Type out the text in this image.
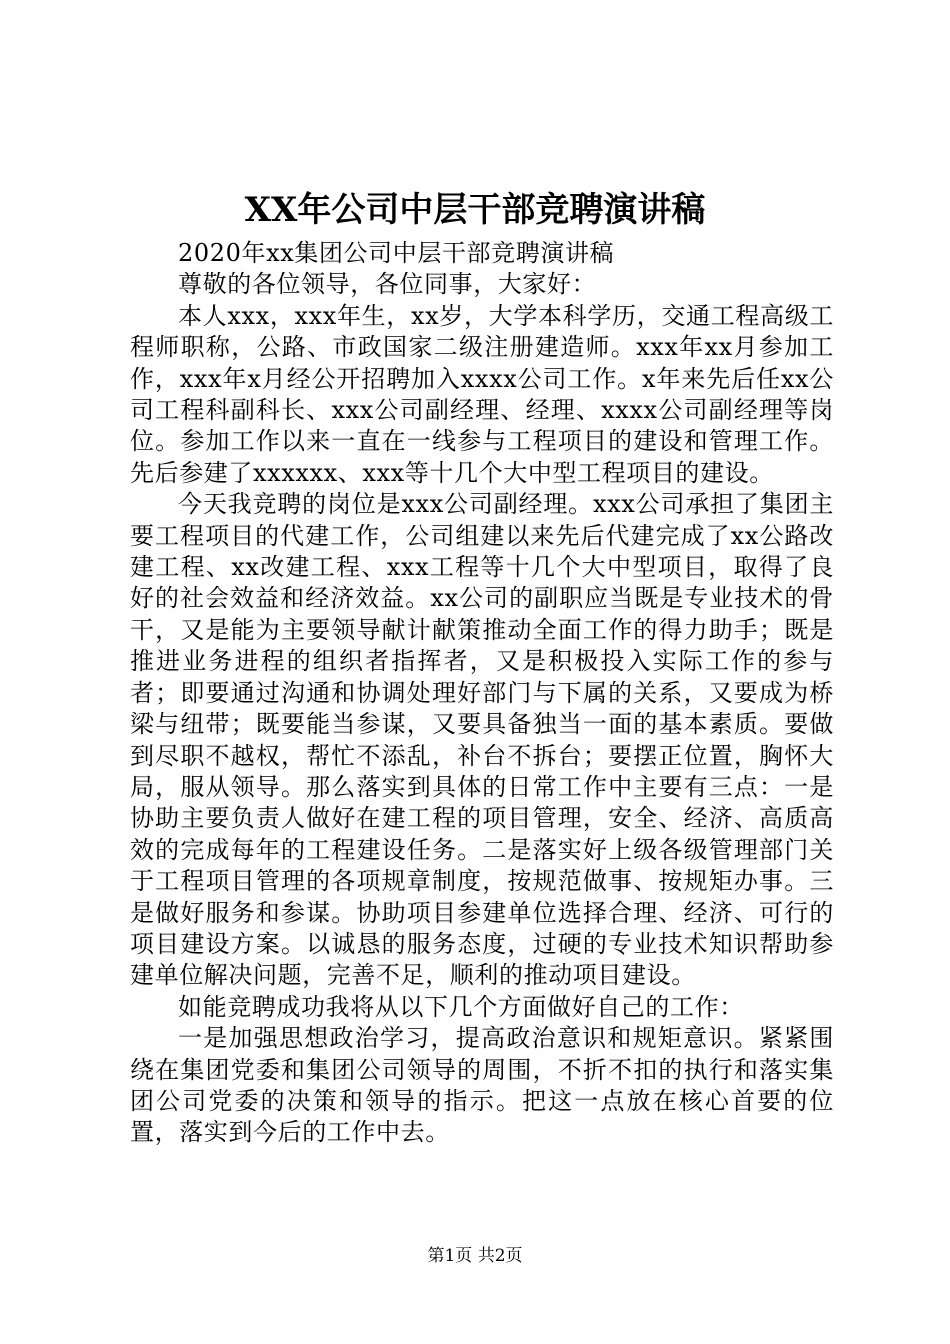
XX年公司中层干部竞聘演讲稿

2020年xx集团公司中层干部竞聘演讲稿

尊敬的各位领导，各位同事，大家好：

本人xxx，xxx年生，xx岁，大学本科学历，交通工程高级工程师职称，公路、市政国家二级注册建造师。xxx年xx月参加工作，xxx年x月经公开招聘加入xxxx公司工作。x年来先后任xx公司工程科副科长、xxx公司副经理、经理、xxxx公司副经理等岗位。参加工作以来一直在一线参与工程项目的建设和管理工作。先后参建了xxxxxx、xxx等十几个大中型工程项目的建设。

今天我竞聘的岗位是xxx公司副经理。xxx公司承担了集团主要工程项目的代建工作，公司组建以来先后代建完成了xx公路改建工程、xx改建工程、xxx工程等十几个大中型项目，取得了良好的社会效益和经济效益。xx公司的副职应当既是专业技术的骨干，又是能为主要领导献计献策推动全面工作的得力助手；既是推进业务进程的组织者指挥者，又是积极投入实际工作的参与者；即要通过沟通和协调处理好部门与下属的关系，又要成为桥梁与纽带；既要能当参谋，又要具备独当一面的基本素质。要做到尽职不越权，帮忙不添乱，补台不拆台；要摆正位置，胸怀大局，服从领导。那么落实到具体的日常工作中主要有三点：一是协助主要负责人做好在建工程的项目管理，安全、经济、高质高效的完成每年的工程建设任务。二是落实好上级各级管理部门关于工程项目管理的各项规章制度，按规范做事、按规矩办事。三是做好服务和参谋。协助项目参建单位选择合理、经济、可行的项目建设方案。以诚恳的服务态度，过硬的专业技术知识帮助参建单位解决问题，完善不足，顺利的推动项目建设。

如能竞聘成功我将从以下几个方面做好自己的工作：

一是加强思想政治学习，提高政治意识和规矩意识。紧紧围绕在集团党委和集团公司领导的周围，不折不扣的执行和落实集团公司党委的决策和领导的指示。把这一点放在核心首要的位置，落实到今后的工作中去。

第1页 共2页
